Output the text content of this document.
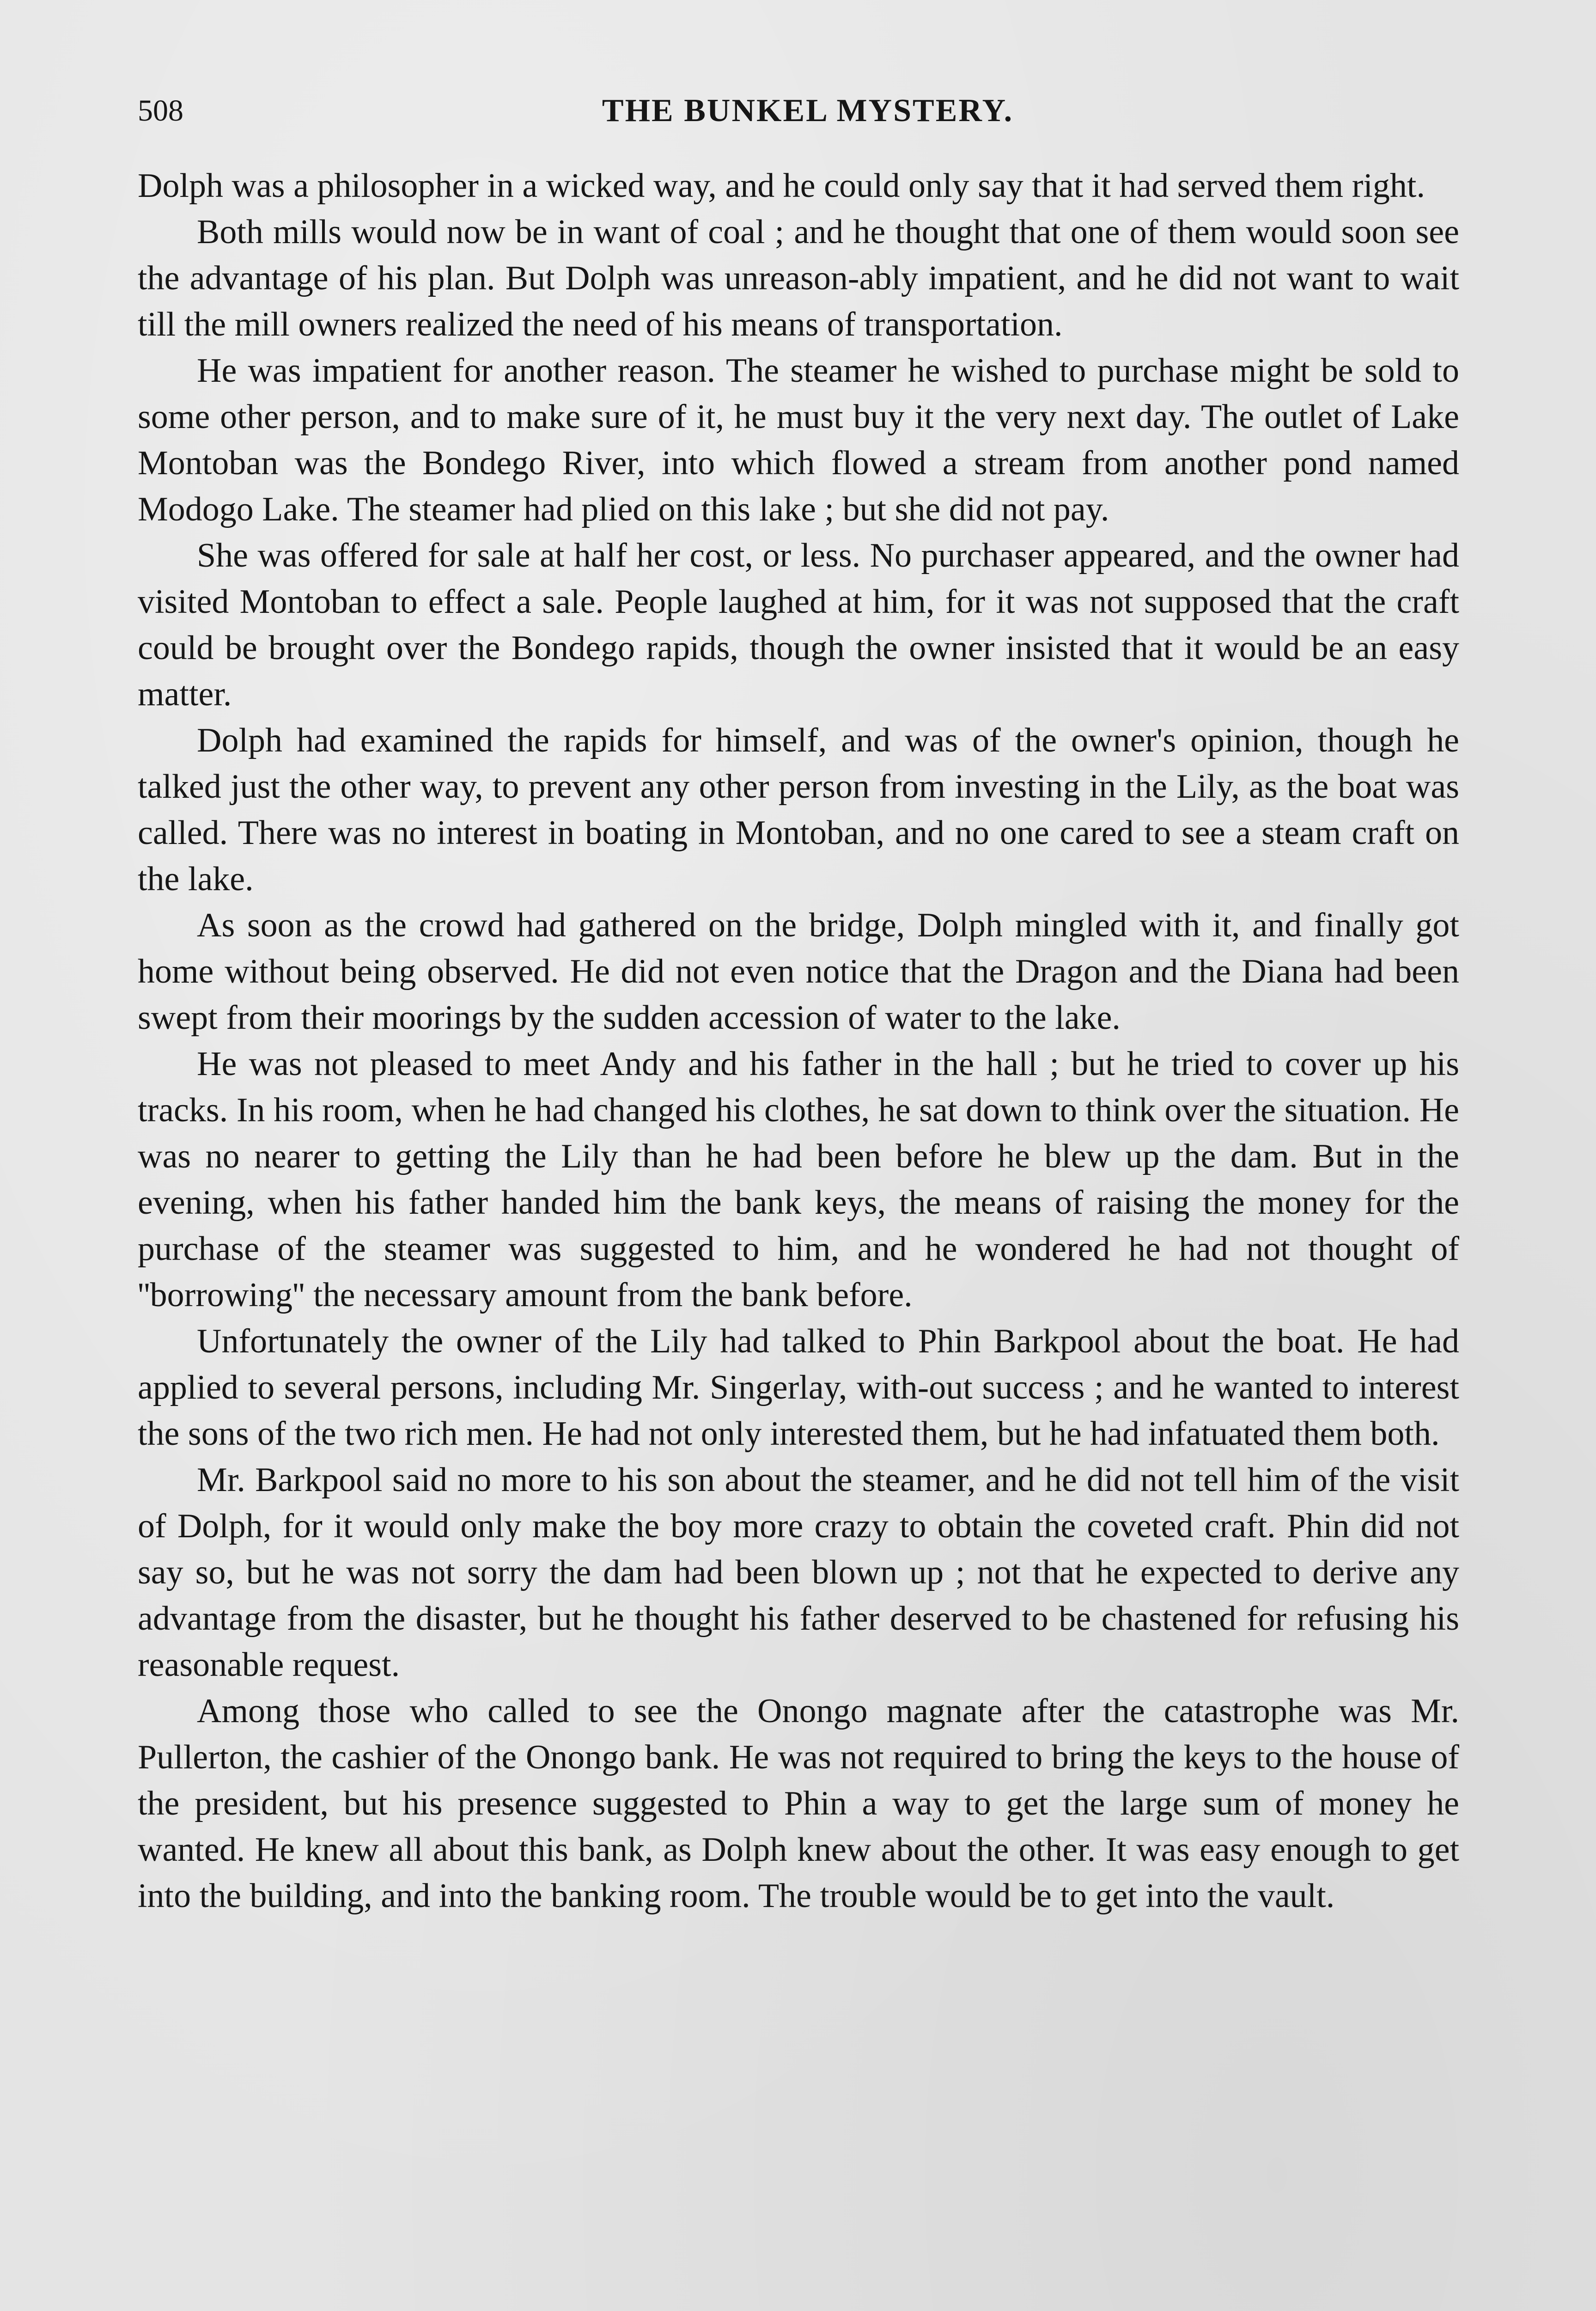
508	THE BUNKEL MYSTERY.

Dolph was a philosopher in a wicked way, and he could only say that it had served them right.

Both mills would now be in want of coal ; and he thought that one of them would soon see the advantage of his plan. But Dolph was unreason-ably impatient, and he did not want to wait till the mill owners realized the need of his means of transportation.

He was impatient for another reason. The steamer he wished to purchase might be sold to some other person, and to make sure of it, he must buy it the very next day. The outlet of Lake Montoban was the Bondego River, into which flowed a stream from another pond named Modogo Lake. The steamer had plied on this lake ; but she did not pay.

She was offered for sale at half her cost, or less. No purchaser appeared, and the owner had visited Montoban to effect a sale. People laughed at him, for it was not supposed that the craft could be brought over the Bondego rapids, though the owner insisted that it would be an easy matter.

Dolph had examined the rapids for himself, and was of the owner's opinion, though he talked just the other way, to prevent any other person from investing in the Lily, as the boat was called. There was no interest in boating in Montoban, and no one cared to see a steam craft on the lake.

As soon as the crowd had gathered on the bridge, Dolph mingled with it, and finally got home without being observed. He did not even notice that the Dragon and the Diana had been swept from their moorings by the sudden accession of water to the lake.

He was not pleased to meet Andy and his father in the hall ; but he tried to cover up his tracks. In his room, when he had changed his clothes, he sat down to think over the situation. He was no nearer to getting the Lily than he had been before he blew up the dam. But in the evening, when his father handed him the bank keys, the means of raising the money for the purchase of the steamer was suggested to him, and he wondered he had not thought of ''borrowing'' the necessary amount from the bank before.

Unfortunately the owner of the Lily had talked to Phin Barkpool about the boat. He had applied to several persons, including Mr. Singerlay, with-out success ; and he wanted to interest the sons of the two rich men. He had not only interested them, but he had infatuated them both.

Mr. Barkpool said no more to his son about the steamer, and he did not tell him of the visit of Dolph, for it would only make the boy more crazy to obtain the coveted craft. Phin did not say so, but he was not sorry the dam had been blown up ; not that he expected to derive any advantage from the disaster, but he thought his father deserved to be chastened for refusing his reasonable request.

Among those who called to see the Onongo magnate after the catastrophe was Mr. Pullerton, the cashier of the Onongo bank. He was not required to bring the keys to the house of the president, but his presence suggested to Phin a way to get the large sum of money he wanted. He knew all about this bank, as Dolph knew about the other. It was easy enough to get into the building, and into the banking room. The trouble would be to get into the vault.
